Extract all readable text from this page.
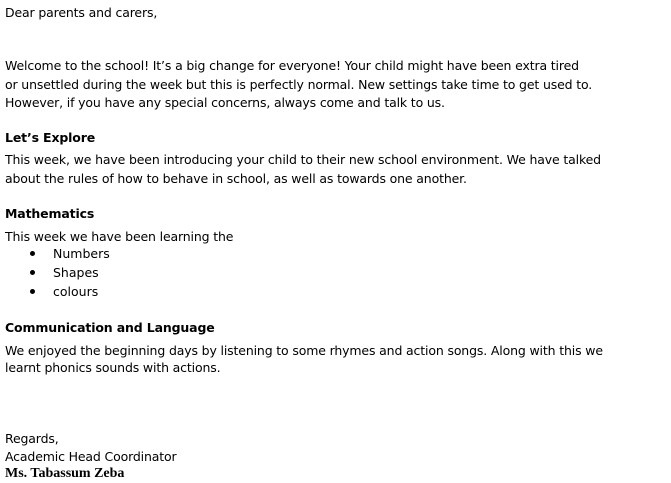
Dear parents and carers,
Welcome to the school! It’s a big change for everyone! Your child might have been extra tired
or unsettled during the week but this is perfectly normal. New settings take time to get used to.
However, if you have any special concerns, always come and talk to us.
Let’s Explore
This week, we have been introducing your child to their new school environment. We have talked
about the rules of how to behave in school, as well as towards one another.
Mathematics
This week we have been learning the
Numbers
Shapes
colours
Communication and Language
We enjoyed the beginning days by listening to some rhymes and action songs. Along with this we
learnt phonics sounds with actions.
Regards,
Academic Head Coordinator
Ms. Tabassum Zeba
